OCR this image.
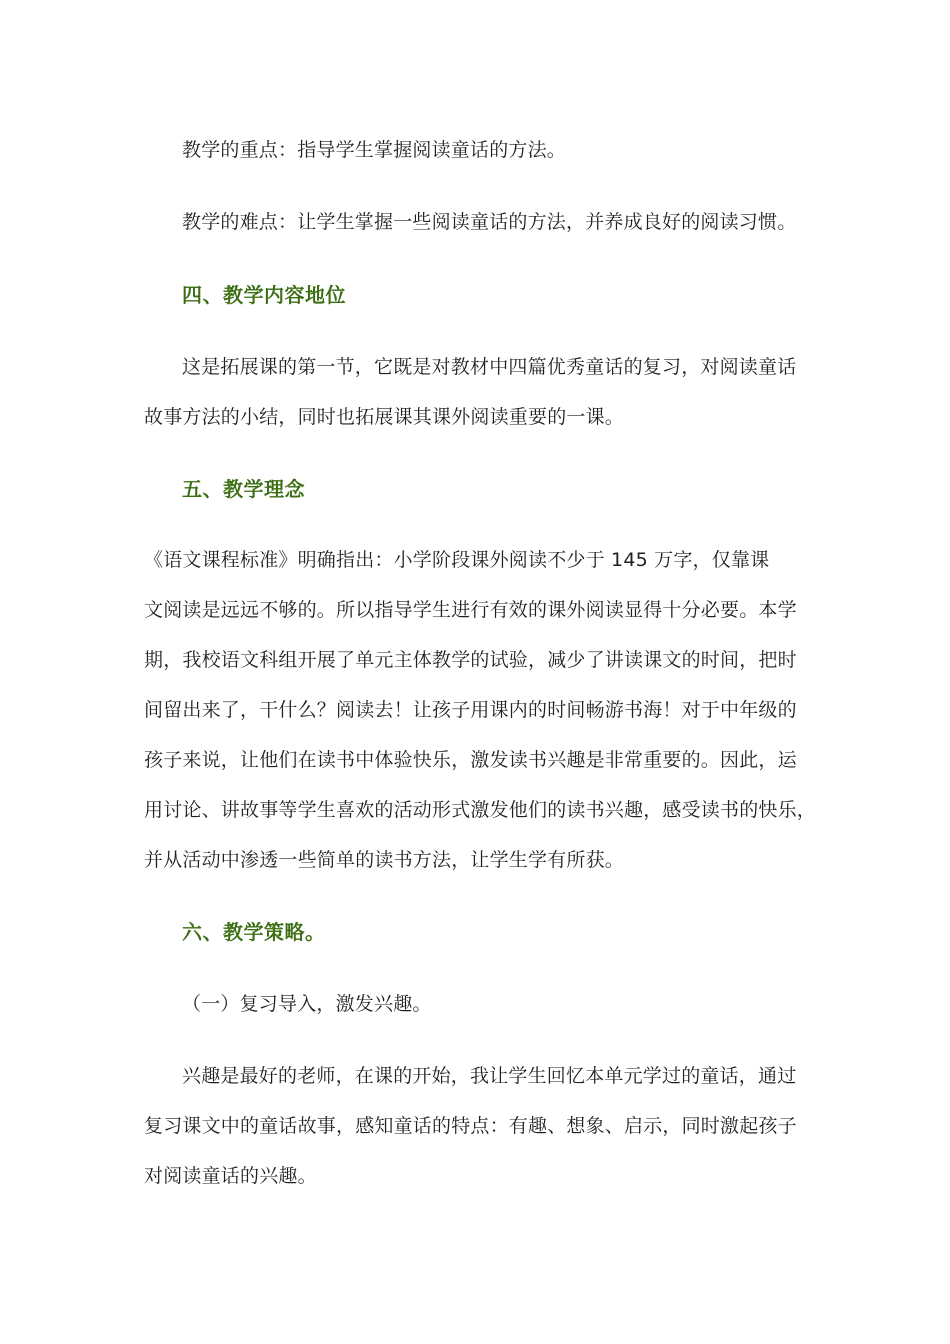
教学的重点：指导学生掌握阅读童话的方法。
教学的难点：让学生掌握一些阅读童话的方法，并养成良好的阅读习惯。
四、教学内容地位
这是拓展课的第一节，它既是对教材中四篇优秀童话的复习，对阅读童话
故事方法的小结，同时也拓展课其课外阅读重要的一课。
五、教学理念
《语文课程标准》明确指出：小学阶段课外阅读不少于 145 万字，仅靠课
文阅读是远远不够的。所以指导学生进行有效的课外阅读显得十分必要。本学
期，我校语文科组开展了单元主体教学的试验，减少了讲读课文的时间，把时
间留出来了，干什么？阅读去！让孩子用课内的时间畅游书海！对于中年级的
孩子来说，让他们在读书中体验快乐，激发读书兴趣是非常重要的。因此，运
用讨论、讲故事等学生喜欢的活动形式激发他们的读书兴趣，感受读书的快乐，
并从活动中渗透一些简单的读书方法，让学生学有所获。
六、教学策略。
（一）复习导入，激发兴趣。
兴趣是最好的老师，在课的开始，我让学生回忆本单元学过的童话，通过
复习课文中的童话故事，感知童话的特点：有趣、想象、启示，同时激起孩子
对阅读童话的兴趣。
